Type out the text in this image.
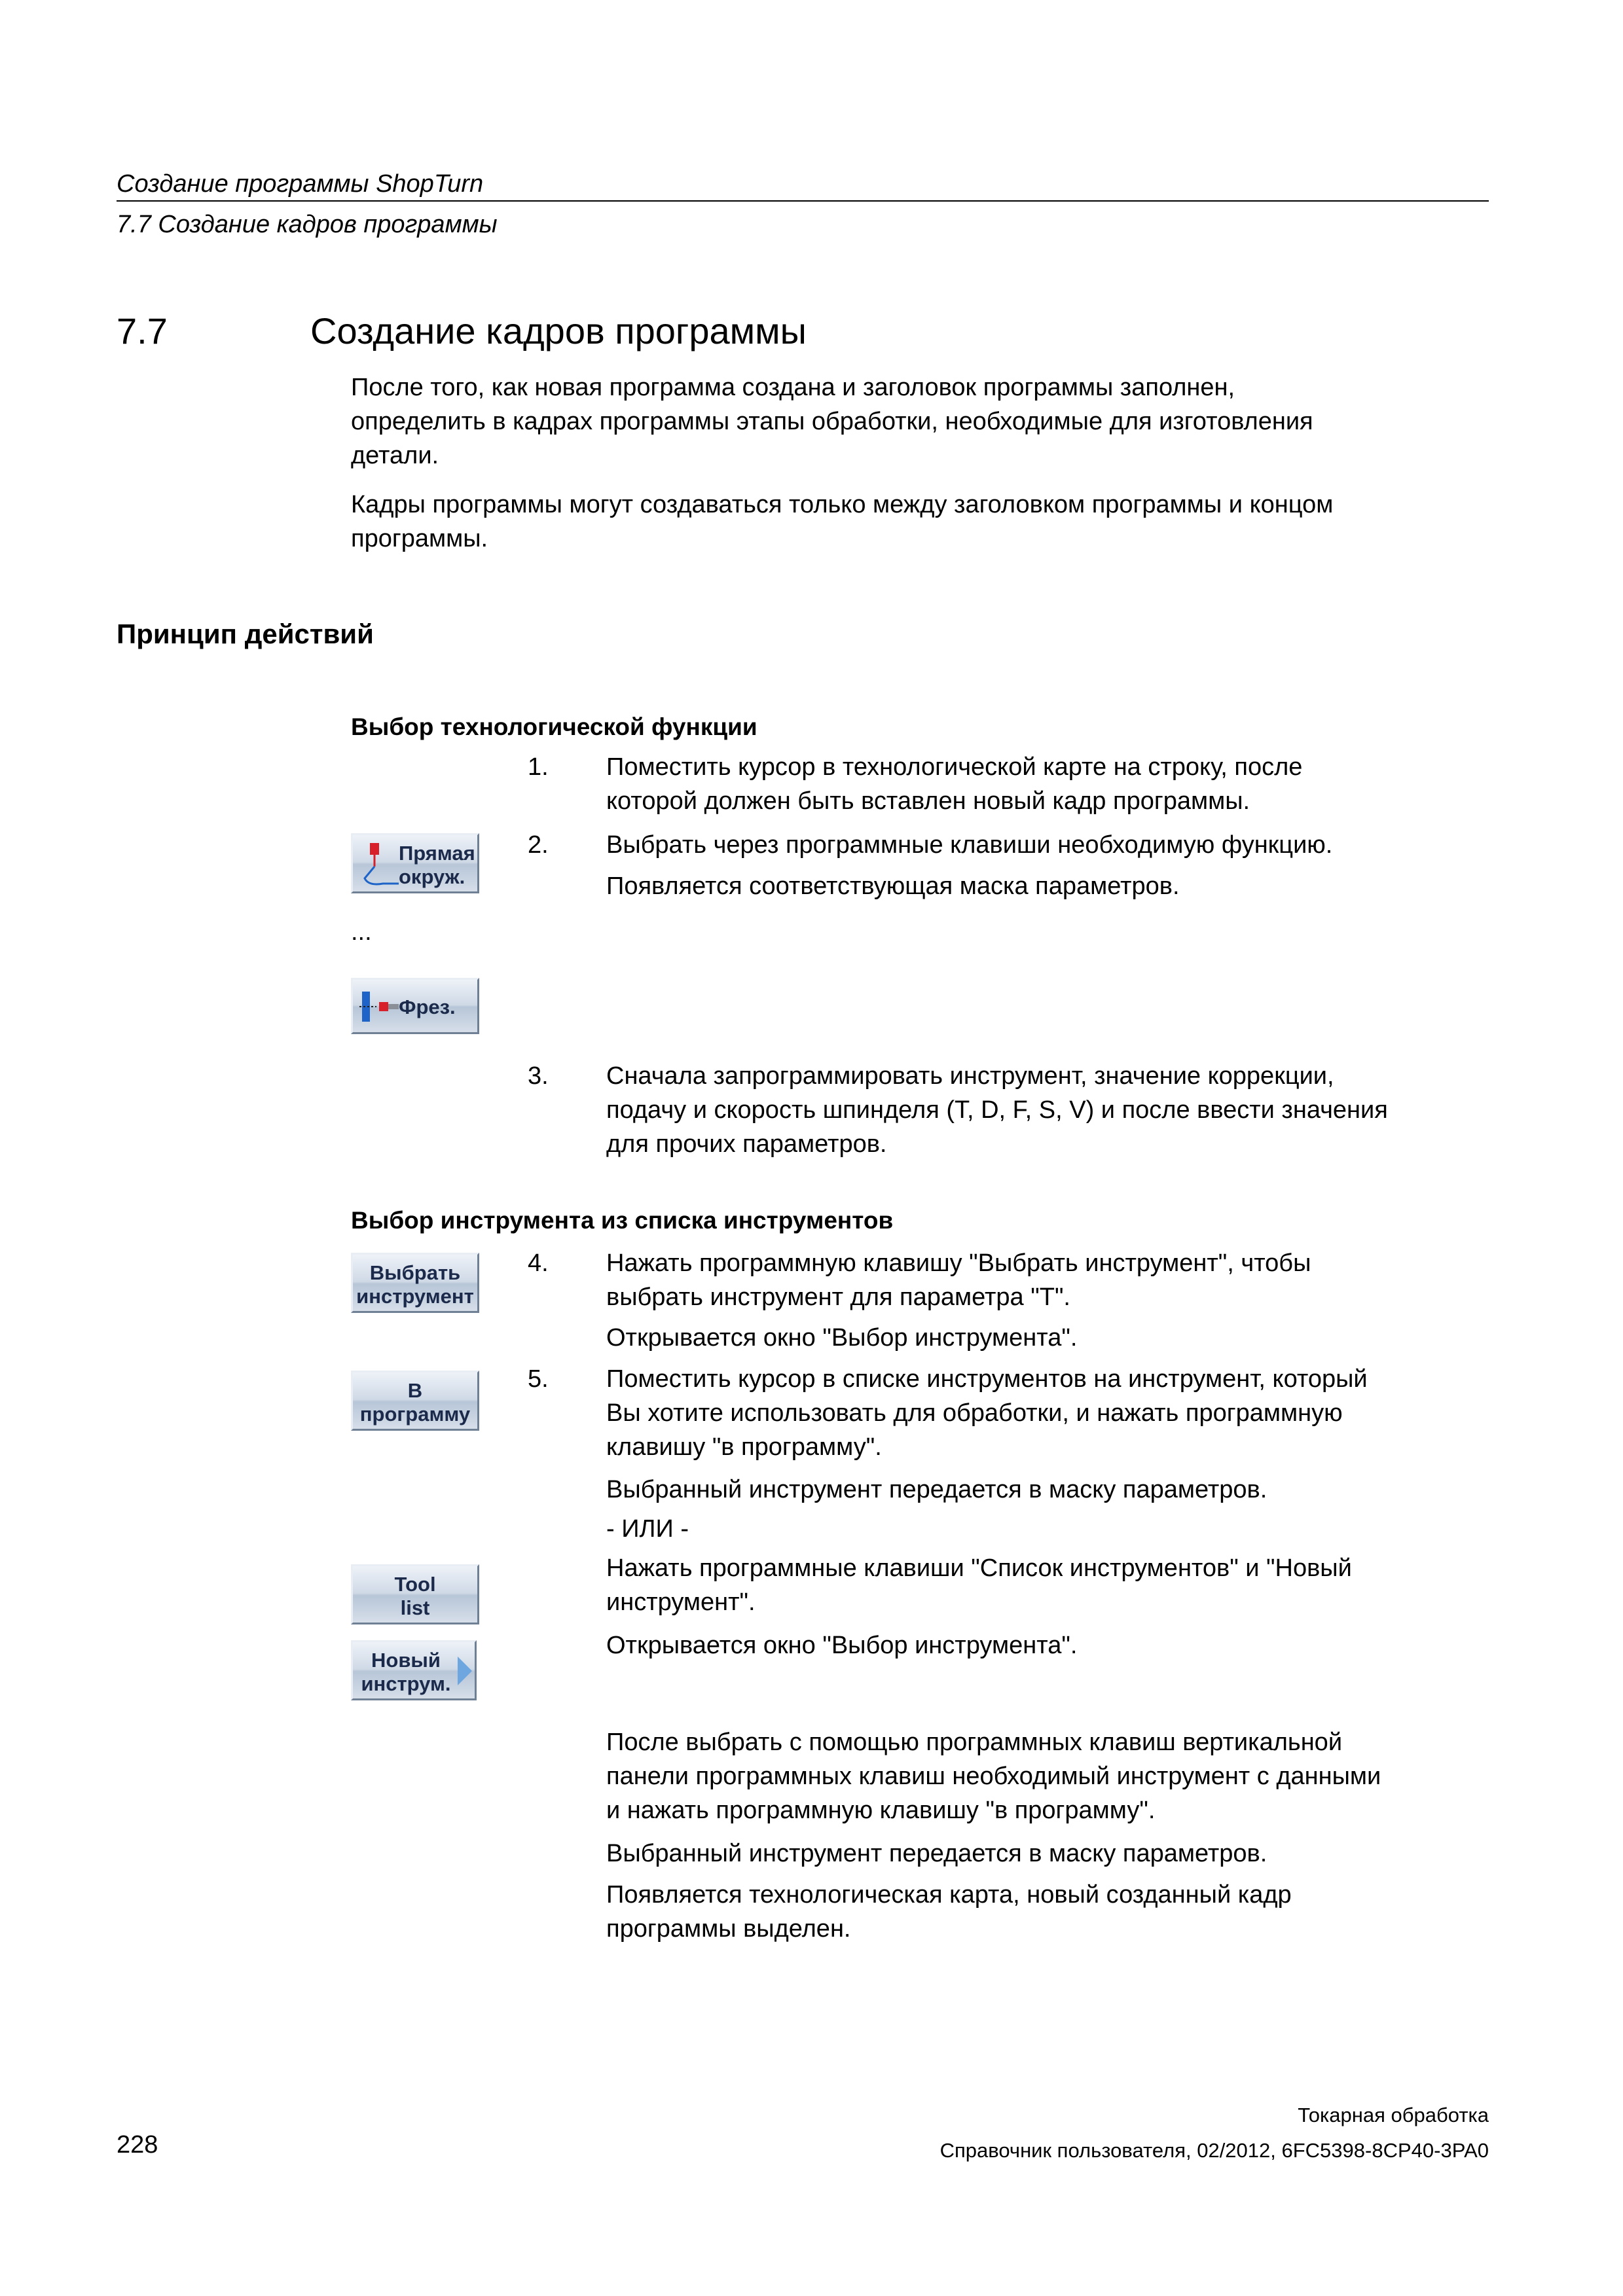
Создание программы ShopTurn
7.7 Создание кадров программы
7.7	Создание кадров программы
После того, как новая программа создана и заголовок программы заполнен,
определить в кадрах программы этапы обработки, необходимые для изготовления
детали.
Кадры программы могут создаваться только между заголовком программы и концом
программы.
Принцип действий
Выбор технологической функции
1. Поместить курсор в технологической карте на строку, после
которой должен быть вставлен новый кадр программы.
2. Выбрать через программные клавиши необходимую функцию.
Появляется соответствующая маска параметров.
Прямая
окруж.
...
Фрез.
3. Сначала запрограммировать инструмент, значение коррекции,
подачу и скорость шпинделя (T, D, F, S, V) и после ввести значения
для прочих параметров.
Выбор инструмента из списка инструментов
Выбрать
инструмент
4. Нажать программную клавишу "Выбрать инструмент", чтобы
выбрать инструмент для параметра "T".
Открывается окно "Выбор инструмента".
В
программу
5. Поместить курсор в списке инструментов на инструмент, который
Вы хотите использовать для обработки, и нажать программную
клавишу "в программу".
Выбранный инструмент передается в маску параметров.
- ИЛИ -
Нажать программные клавиши "Список инструментов" и "Новый
инструмент".
Tool
list
Новый
инструм.
Открывается окно "Выбор инструмента".
После выбрать с помощью программных клавиш вертикальной
панели программных клавиш необходимый инструмент с данными
и нажать программную клавишу "в программу".
Выбранный инструмент передается в маску параметров.
Появляется технологическая карта, новый созданный кадр
программы выделен.
228
Токарная обработка
Справочник пользователя, 02/2012, 6FC5398-8CP40-3PA0
